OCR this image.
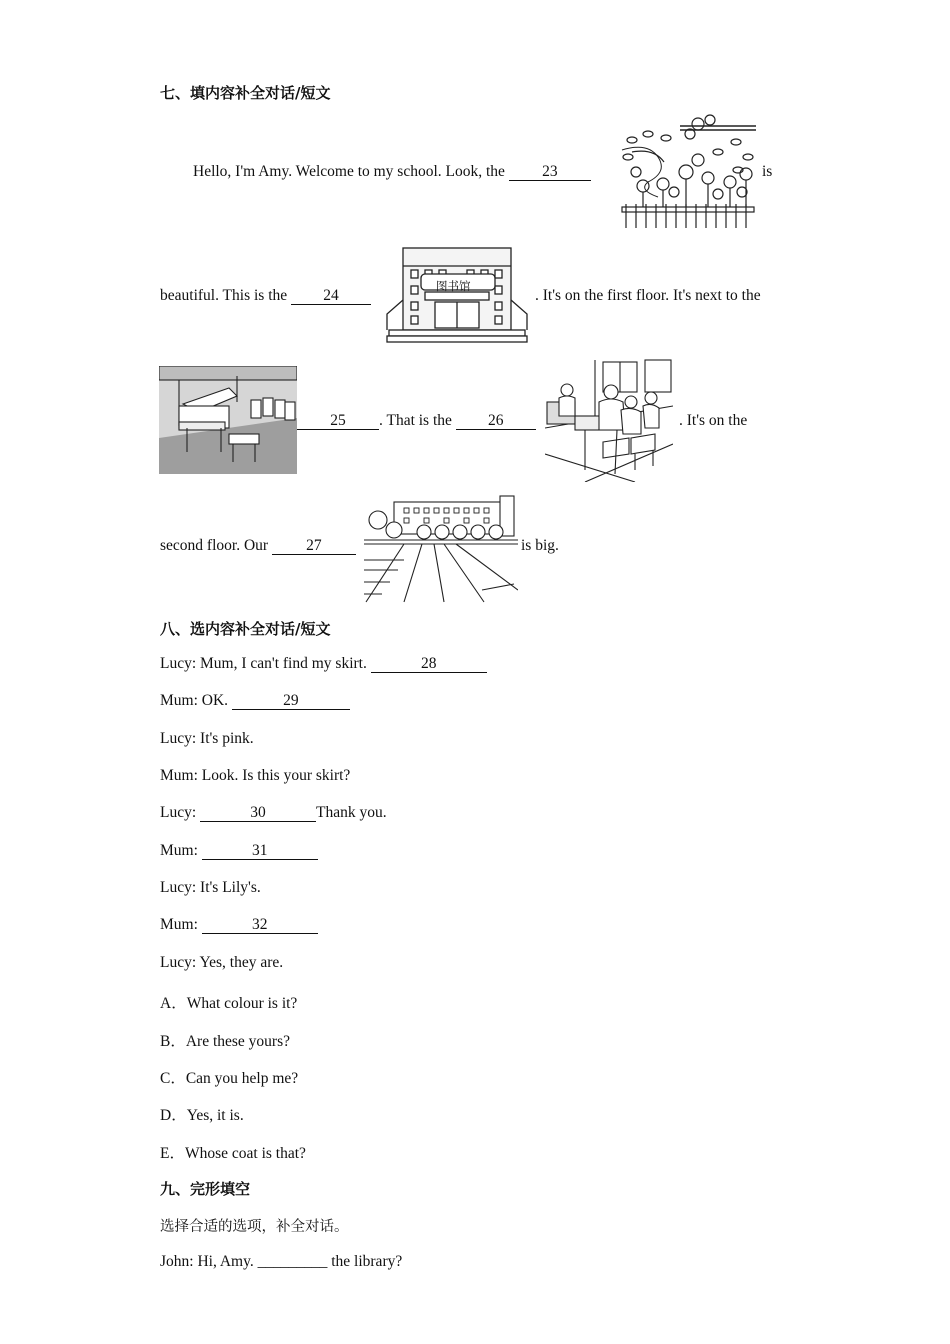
七、填内容补全对话/短文
Hello, I'm Amy. Welcome to my school. Look, the 23	is
beautiful. This is the 24
图书馆
. It's on the first floor. It's next to the
25 . That is the 26	. It's on the
second floor. Our 27	is big.
八、选内容补全对话/短文
Lucy: Mum, I can't find my skirt.	28
Mum: OK.	29
Lucy: It's pink.
Mum: Look. Is this your skirt?
Lucy:	30	Thank you.
Mum:	31
Lucy: It's Lily's.
Mum:	32
Lucy: Yes, they are.
A．What colour is it?
B．Are these yours?
C．Can you help me?
D．Yes, it is.
E．Whose coat is that?
九、完形填空
选择合适的选项，补全对话。
John: Hi, Amy. _________ the library?
